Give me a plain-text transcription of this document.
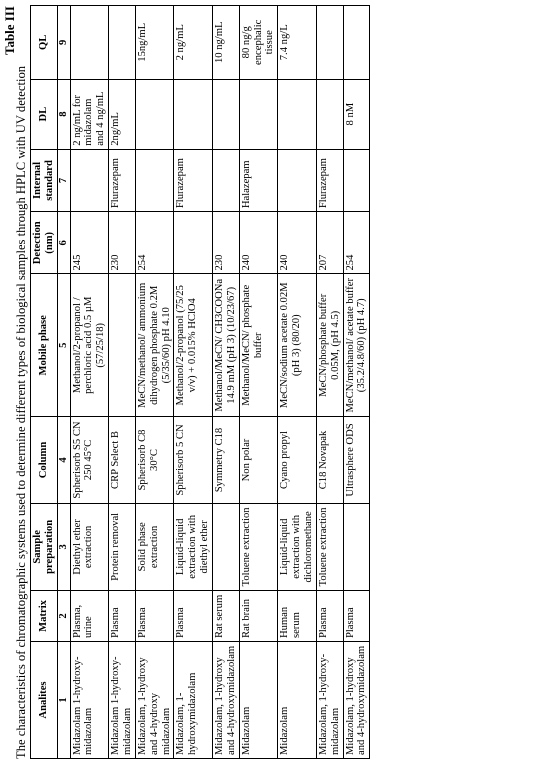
Table III
The characteristics of chromatographic systems used to determine different types of biological samples through HPLC with UV detection Analites	Matrix	Sample preparation	Column	Mobile phase	Detection (nm)	Internal standard	DL	QL
1	2	3	4	5	6	7	8	9
Midazolam 1-hydroxy-midazolam	Plasma, urine	Diethyl ether extraction	Spherisorb S5 CN 250 45°C	Methanol/2-propanol / perchloric acid 0.5 µM (57/25/18)	245		2 ng/mL for midazolam and 4 ng/mL	
Midazolam 1-hydroxy-midazolam	Plasma	Protein removal	CRP Select B		230	Flurazepam	2ng/mL	
Midazolam, 1-hydroxy and 4-hydroxy midazolam	Plasma	Solid phase extraction	Spherisorb C8 30°C	MeCN/methanol/ ammonium dihydrogen phosphate 0.2M (5/35/60) pH 4.10	254			15ng/mL
Midazolam, 1-hydroxymidazolam	Plasma	Liquid-liquid extraction with diethyl ether	Spherisorb 5 CN	Methanol/2-propanol (75/25 v/v) + 0.015% HClO4		Flurazepam		2 ng/mL
Midazolam, 1-hydroxy and 4-hydroxymidazolam	Rat serum		Symmetry C18	Methanol/MeCN/ CH3COONa 14.9 mM (pH 3) (10/23/67)	230			10 ng/mL
Midazolam	Rat brain	Toluene extraction	Non polar	Methanol/MeCN/ phosphate buffer	240	Halazepam		80 ng/g encephalic tissue
Midazolam	Human serum	Liquid-liquid extraction with dichloromethane	Cyano propyl	MeCN/sodium acetate 0.02M (pH 3) (80/20)	240			7.4 ng/L
Midazolam, 1-hydroxy-midazolam	Plasma	Toluene extraction	C18 Novapak	MeCN/phosphate buffer 0.05M, (pH 4.5)	207	Flurazepam		
Midazolam, 1-hydroxy and 4-hydroxymidazolam	Plasma		Ultrasphere ODS	MeCN/methanol/ acetate buffer (35.2/4.8/60) (pH 4.7)	254		8 nM	
